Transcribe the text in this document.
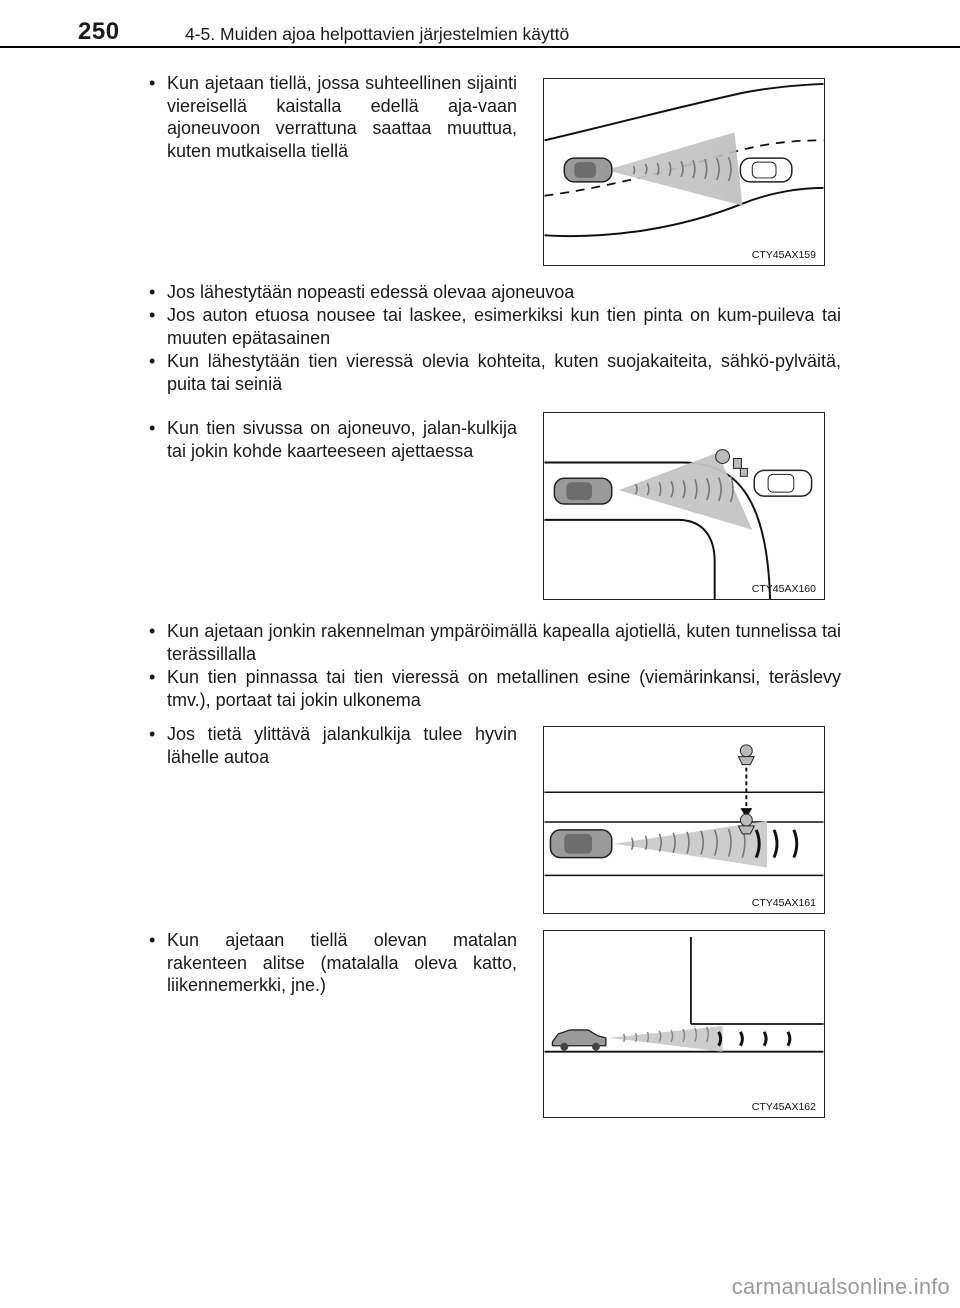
250	4-5. Muiden ajoa helpottavien järjestelmien käyttö
• Kun ajetaan tiellä, jossa suhteellinen sijainti viereisellä kaistalla edellä aja-vaan ajoneuvoon verrattuna saattaa muuttua, kuten mutkaisella tiellä
CTY45AX159
• Jos lähestytään nopeasti edessä olevaa ajoneuvoa
• Jos auton etuosa nousee tai laskee, esimerkiksi kun tien pinta on kum-puileva tai muuten epätasainen
• Kun lähestytään tien vieressä olevia kohteita, kuten suojakaiteita, sähkö-pylväitä, puita tai seiniä
• Kun tien sivussa on ajoneuvo, jalan-kulkija tai jokin kohde kaarteeseen ajettaessa
CTY45AX160
• Kun ajetaan jonkin rakennelman ympäröimällä kapealla ajotiellä, kuten tunnelissa tai terässillalla
• Kun tien pinnassa tai tien vieressä on metallinen esine (viemärinkansi, teräslevy tmv.), portaat tai jokin ulkonema
• Jos tietä ylittävä jalankulkija tulee hyvin lähelle autoa
CTY45AX161
• Kun ajetaan tiellä olevan matalan rakenteen alitse (matalalla oleva katto, liikennemerkki, jne.)
CTY45AX162
carmanualsonline.info
